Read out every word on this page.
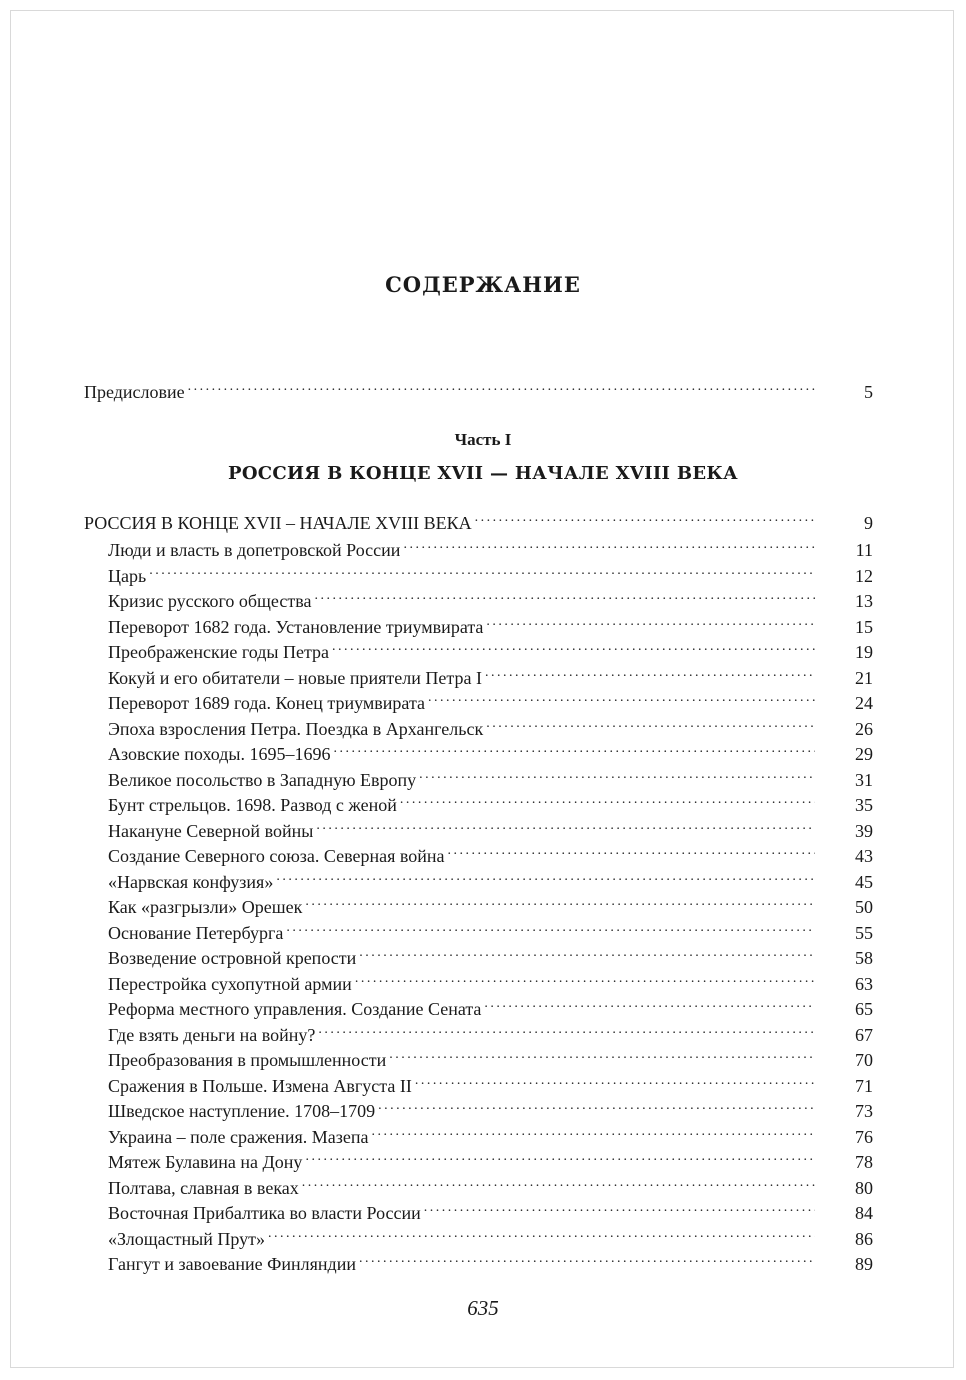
СОДЕРЖАНИЕ
Предисловие . . .	5
Часть I
РОССИЯ В КОНЦЕ XVII — НАЧАЛЕ XVIII ВЕКА
РОССИЯ В КОНЦЕ XVII – НАЧАЛЕ XVIII ВЕКА . . .	9
Люди и власть в допетровской России . . .	11
Царь . . .	12
Кризис русского общества . . .	13
Переворот 1682 года. Установление триумвирата . . .	15
Преображенские годы Петра . . .	19
Кокуй и его обитатели – новые приятели Петра I . . .	21
Переворот 1689 года. Конец триумвирата . . .	24
Эпоха взросления Петра. Поездка в Архангельск . . .	26
Азовские походы. 1695–1696 . . .	29
Великое посольство в Западную Европу . . .	31
Бунт стрельцов. 1698. Развод с женой . . .	35
Накануне Северной войны . . .	39
Создание Северного союза. Северная война . . .	43
«Нарвская конфузия» . . .	45
Как «разгрызли» Орешек . . .	50
Основание Петербурга . . .	55
Возведение островной крепости . . .	58
Перестройка сухопутной армии . . .	63
Реформа местного управления. Создание Сената . . .	65
Где взять деньги на войну? . . .	67
Преобразования в промышленности . . .	70
Сражения в Польше. Измена Августа II . . .	71
Шведское наступление. 1708–1709 . . .	73
Украина – поле сражения. Мазепа . . .	76
Мятеж Булавина на Дону . . .	78
Полтава, славная в веках . . .	80
Восточная Прибалтика во власти России . . .	84
«Злощастный Прут» . . .	86
Гангут и завоевание Финляндии . . .	89
635
